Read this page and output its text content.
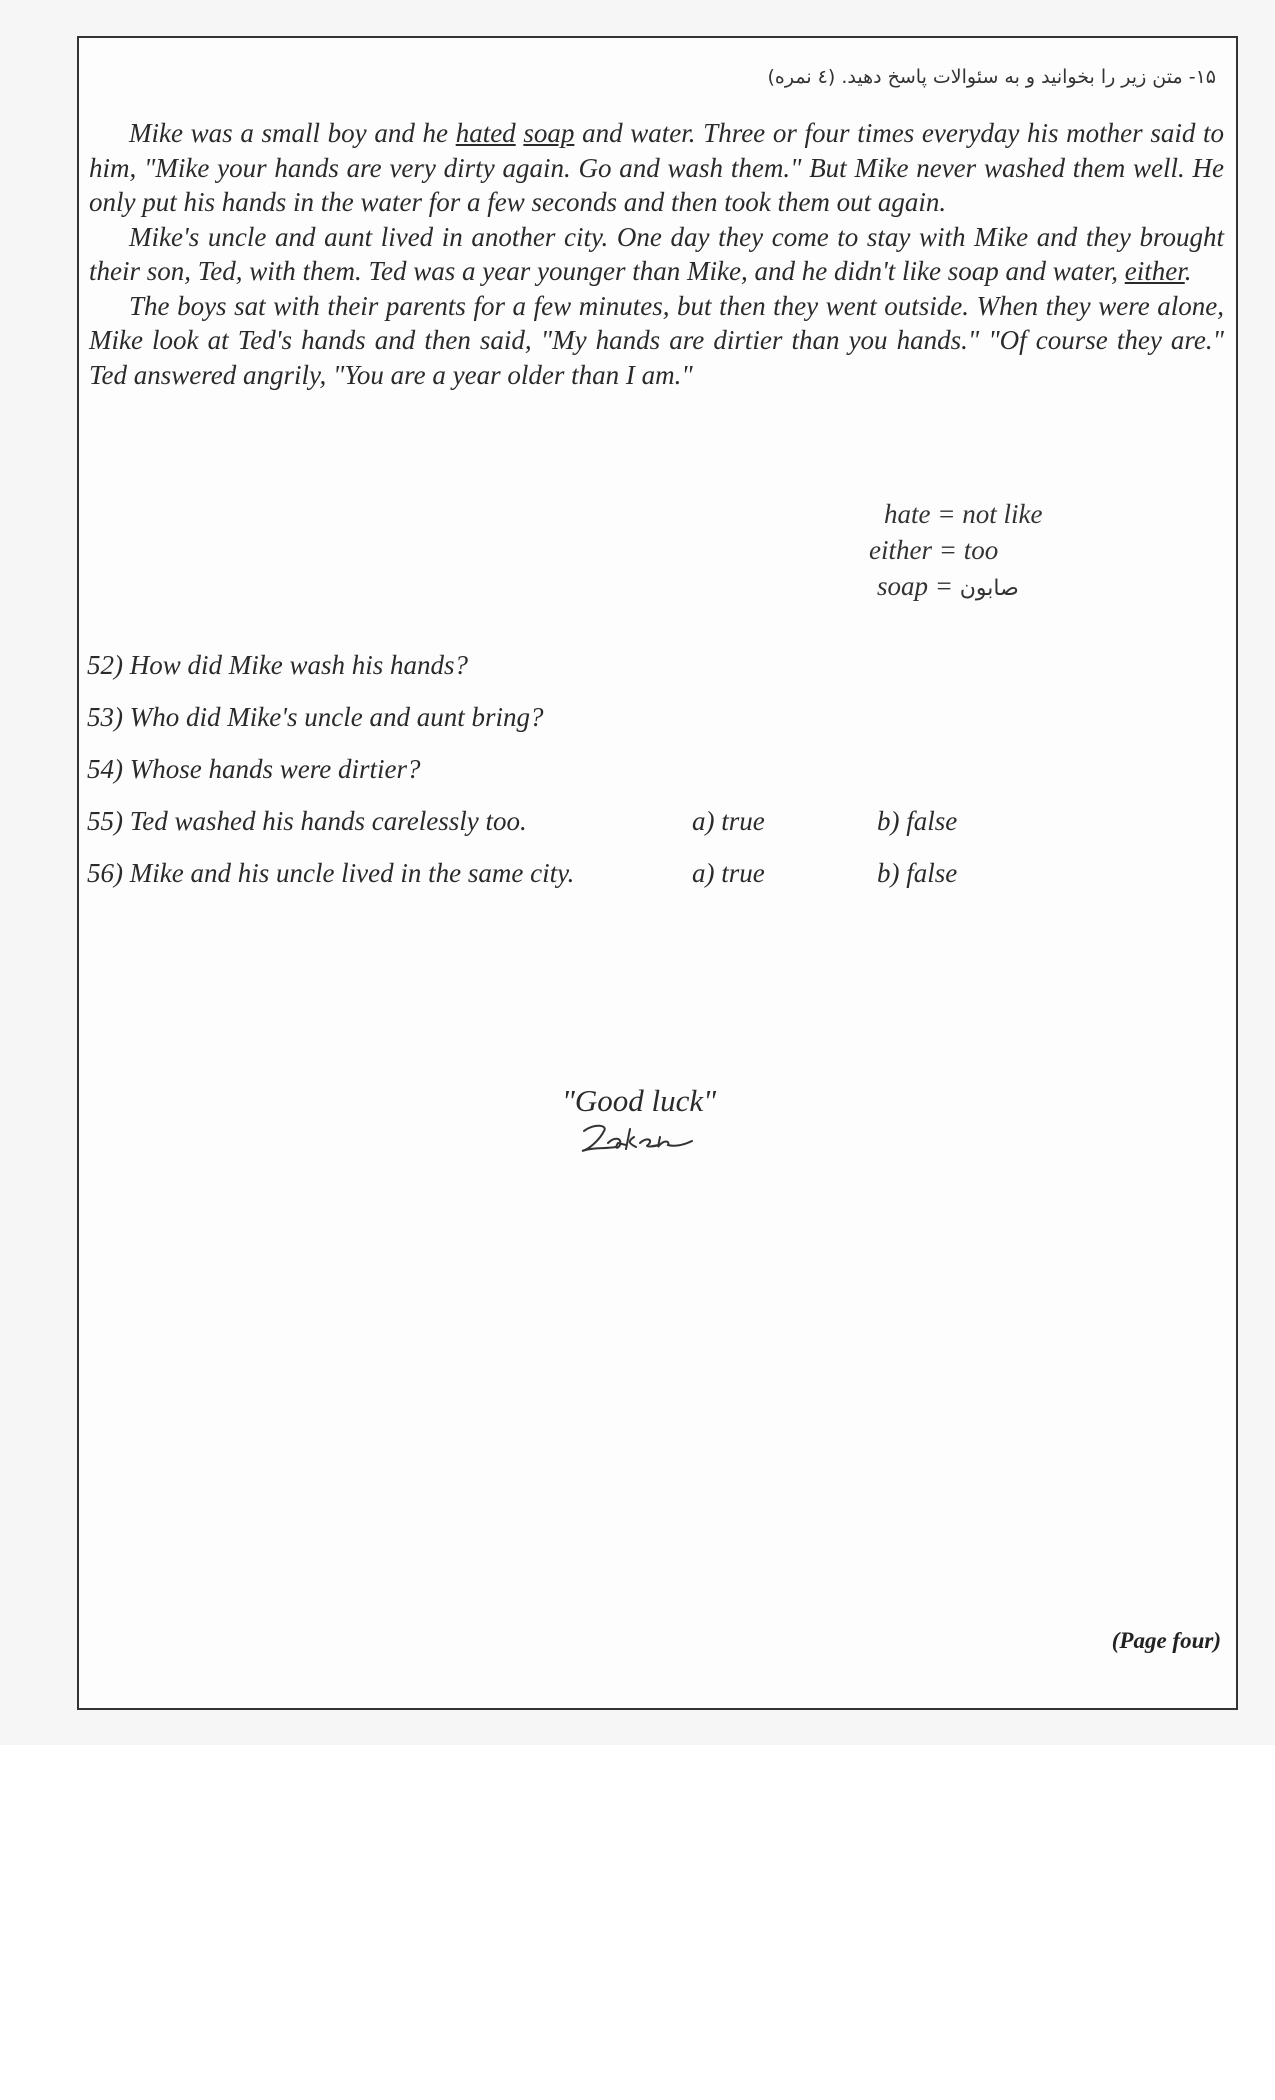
۱۵- متن زیر را بخوانید و به سئوالات پاسخ دهید. (٤ نمره)

Mike was a small boy and he hated soap and water. Three or four times everyday his mother said to him, "Mike your hands are very dirty again. Go and wash them." But Mike never washed them well. He only put his hands in the water for a few seconds and then took them out again.

Mike's uncle and aunt lived in another city. One day they come to stay with Mike and they brought their son, Ted, with them. Ted was a year younger than Mike, and he didn't like soap and water, either.

The boys sat with their parents for a few minutes, but then they went outside. When they were alone, Mike look at Ted's hands and then said, "My hands are dirtier than you hands." "Of course they are." Ted answered angrily, "You are a year older than I am."

hate = not like
either = too
soap = صابون
52) How did Mike wash his hands?
53) Who did Mike's uncle and aunt bring?
54) Whose hands were dirtier?
55) Ted washed his hands carelessly too.	a) true	b) false
56) Mike and his uncle lived in the same city.	a) true	b) false
"Good luck"
(Page four)
